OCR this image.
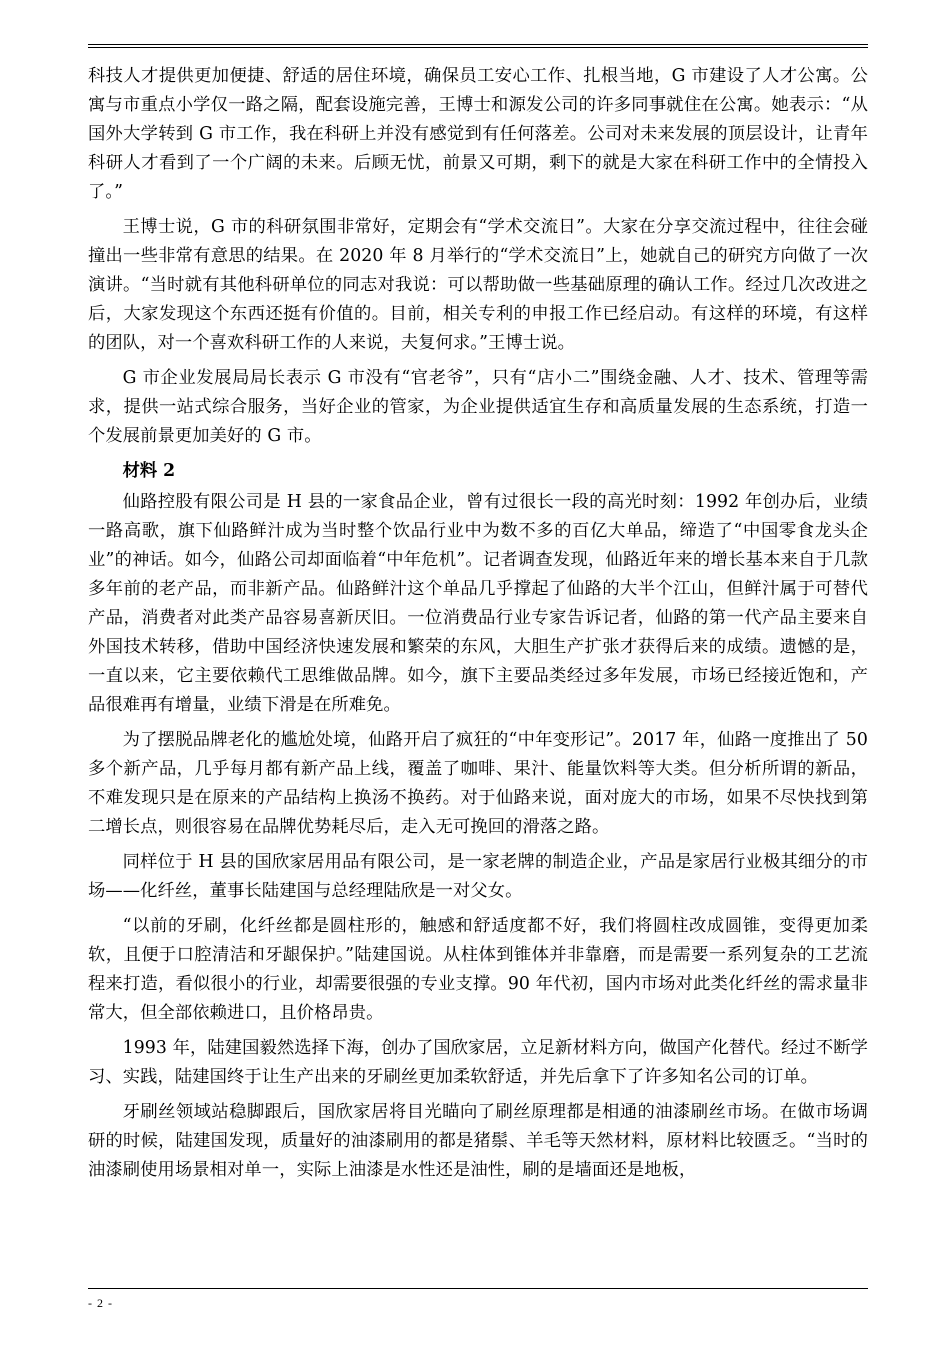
科技人才提供更加便捷、舒适的居住环境，确保员工安心工作、扎根当地，G 市建设了人才公寓。公寓与市重点小学仅一路之隔，配套设施完善，王博士和源发公司的许多同事就住在公寓。她表示：“从国外大学转到 G 市工作，我在科研上并没有感觉到有任何落差。公司对未来发展的顶层设计，让青年科研人才看到了一个广阔的未来。后顾无忧，前景又可期，剩下的就是大家在科研工作中的全情投入了。”

王博士说，G 市的科研氛围非常好，定期会有“学术交流日”。大家在分享交流过程中，往往会碰撞出一些非常有意思的结果。在 2020 年 8 月举行的“学术交流日”上，她就自己的研究方向做了一次演讲。“当时就有其他科研单位的同志对我说：可以帮助做一些基础原理的确认工作。经过几次改进之后，大家发现这个东西还挺有价值的。目前，相关专利的申报工作已经启动。有这样的环境，有这样的团队，对一个喜欢科研工作的人来说，夫复何求。”王博士说。

G 市企业发展局局长表示 G 市没有“官老爷”，只有“店小二”围绕金融、人才、技术、管理等需求，提供一站式综合服务，当好企业的管家，为企业提供适宜生存和高质量发展的生态系统，打造一个发展前景更加美好的 G 市。

材料 2

仙路控股有限公司是 H 县的一家食品企业，曾有过很长一段的高光时刻：1992 年创办后，业绩一路高歌，旗下仙路鲜汁成为当时整个饮品行业中为数不多的百亿大单品，缔造了“中国零食龙头企业”的神话。如今，仙路公司却面临着“中年危机”。记者调查发现，仙路近年来的增长基本来自于几款多年前的老产品，而非新产品。仙路鲜汁这个单品几乎撑起了仙路的大半个江山，但鲜汁属于可替代产品，消费者对此类产品容易喜新厌旧。一位消费品行业专家告诉记者，仙路的第一代产品主要来自外国技术转移，借助中国经济快速发展和繁荣的东风，大胆生产扩张才获得后来的成绩。遗憾的是，一直以来，它主要依赖代工思维做品牌。如今，旗下主要品类经过多年发展，市场已经接近饱和，产品很难再有增量，业绩下滑是在所难免。

为了摆脱品牌老化的尴尬处境，仙路开启了疯狂的“中年变形记”。2017 年，仙路一度推出了 50 多个新产品，几乎每月都有新产品上线，覆盖了咖啡、果汁、能量饮料等大类。但分析所谓的新品，不难发现只是在原来的产品结构上换汤不换药。对于仙路来说，面对庞大的市场，如果不尽快找到第二增长点，则很容易在品牌优势耗尽后，走入无可挽回的滑落之路。

同样位于 H 县的国欣家居用品有限公司，是一家老牌的制造企业，产品是家居行业极其细分的市场——化纤丝，董事长陆建国与总经理陆欣是一对父女。

“以前的牙刷，化纤丝都是圆柱形的，触感和舒适度都不好，我们将圆柱改成圆锥，变得更加柔软，且便于口腔清洁和牙龈保护。”陆建国说。从柱体到锥体并非靠磨，而是需要一系列复杂的工艺流程来打造，看似很小的行业，却需要很强的专业支撑。90 年代初，国内市场对此类化纤丝的需求量非常大，但全部依赖进口，且价格昂贵。

1993 年，陆建国毅然选择下海，创办了国欣家居，立足新材料方向，做国产化替代。经过不断学习、实践，陆建国终于让生产出来的牙刷丝更加柔软舒适，并先后拿下了许多知名公司的订单。

牙刷丝领域站稳脚跟后，国欣家居将目光瞄向了刷丝原理都是相通的油漆刷丝市场。在做市场调研的时候，陆建国发现，质量好的油漆刷用的都是猪鬃、羊毛等天然材料，原材料比较匮乏。“当时的油漆刷使用场景相对单一，实际上油漆是水性还是油性，刷的是墙面还是地板，

- 2 -
